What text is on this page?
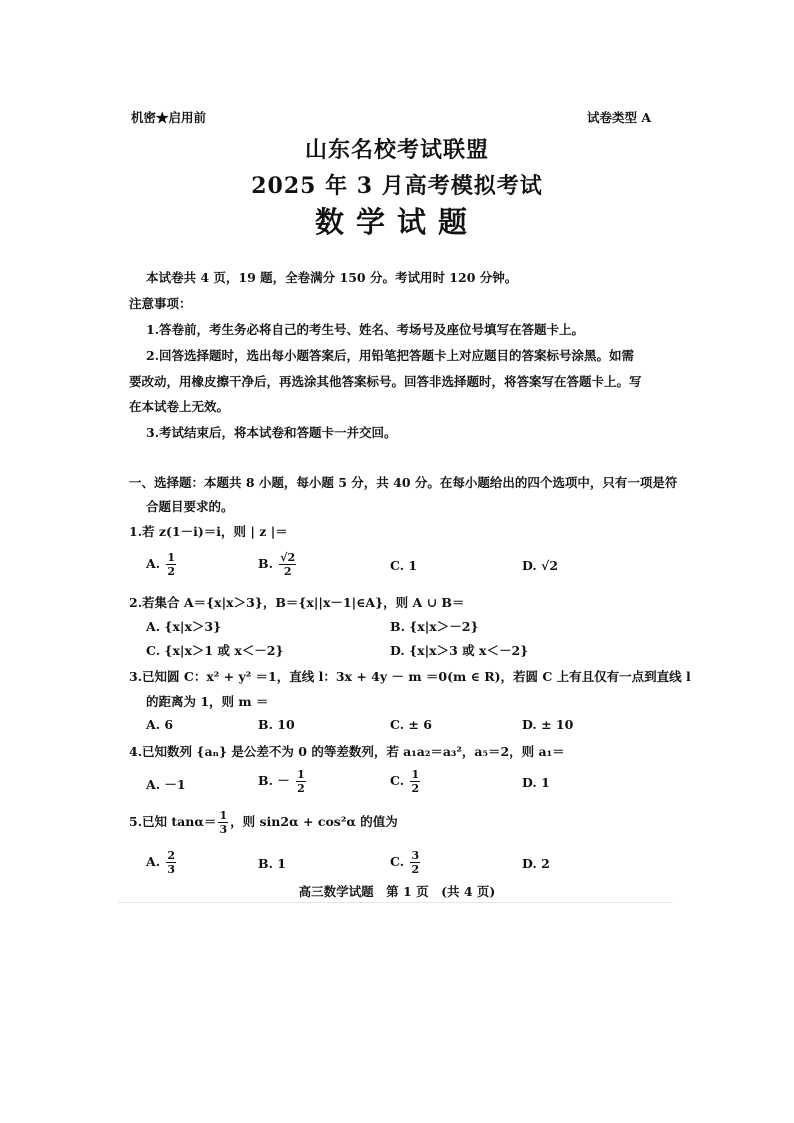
机密★启用前	试卷类型 A
山东名校考试联盟
2025 年 3 月高考模拟考试
数学试题
本试卷共 4 页，19 题，全卷满分 150 分。考试用时 120 分钟。
注意事项：
1.答卷前，考生务必将自己的考生号、姓名、考场号及座位号填写在答题卡上。
2.回答选择题时，选出每小题答案后，用铅笔把答题卡上对应题目的答案标号涂黑。如需
要改动，用橡皮擦干净后，再选涂其他答案标号。回答非选择题时，将答案写在答题卡上。写
在本试卷上无效。
3.考试结束后，将本试卷和答题卡一并交回。
一、选择题：本题共 8 小题，每小题 5 分，共 40 分。在每小题给出的四个选项中，只有一项是符
合题目要求的。
1.若 z(1－i)＝i，则 | z |＝
A. $\frac{1}{2}$	B. $\frac{√2}{2}$	C. 1	D. √2
2.若集合 A＝{x|x＞3}，B＝{x||x－1|∈A}，则 A ∪ B＝
A. {x|x＞3}	B. {x|x＞－2}
C. {x|x＞1 或 x＜－2}	D. {x|x＞3 或 x＜－2}
3.已知圆 C：x² + y² ＝1，直线 l：3x + 4y － m ＝0(m ∈ R)，若圆 C 上有且仅有一点到直线 l
的距离为 1，则 m ＝
A. 6	B. 10	C. ± 6	D. ± 10
4.已知数列 {aₙ} 是公差不为 0 的等差数列，若 a₁a₂＝a₃²，a₅＝2，则 a₁＝
A. －1	B. － $\frac{1}{2}$	C. $\frac{1}{2}$	D. 1
5.已知 $\tan\alpha= \frac{1}{3}$ ，则 sin2α + cos²α 的值为
A. $\frac{2}{3}$	B. 1	C. $\frac{3}{2}$	D. 2
高三数学试题　第 1 页　(共 4 页)
